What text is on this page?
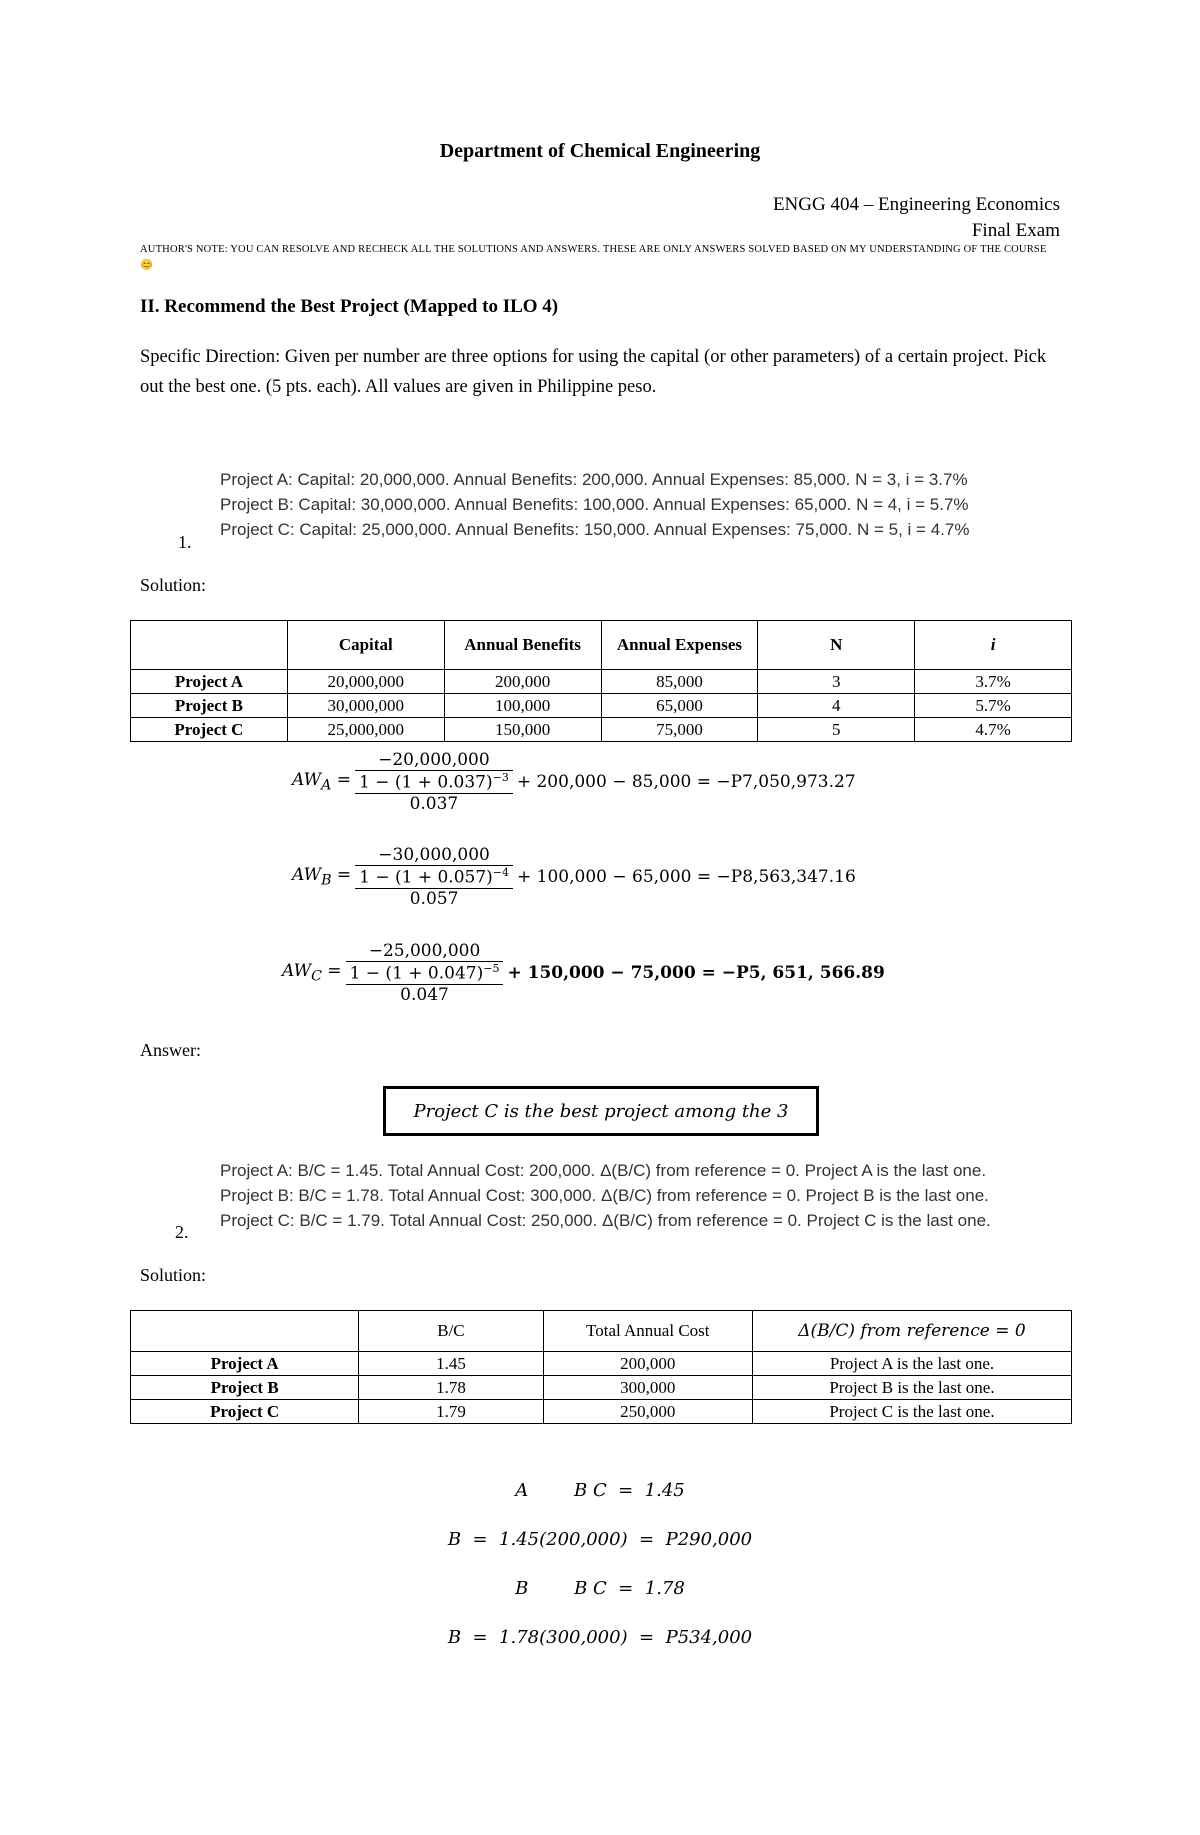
Department of Chemical Engineering
ENGG 404 – Engineering Economics
Final Exam
AUTHOR'S NOTE: YOU CAN RESOLVE AND RECHECK ALL THE SOLUTIONS AND ANSWERS. THESE ARE ONLY ANSWERS SOLVED BASED ON MY UNDERSTANDING OF THE COURSE 😊
II. Recommend the Best Project (Mapped to ILO 4)
Specific Direction: Given per number are three options for using the capital (or other parameters) of a certain project. Pick out the best one. (5 pts. each). All values are given in Philippine peso.
Project A: Capital: 20,000,000. Annual Benefits: 200,000. Annual Expenses: 85,000. N = 3, i = 3.7%
Project B: Capital: 30,000,000. Annual Benefits: 100,000. Annual Expenses: 65,000. N = 4, i = 5.7%
Project C: Capital: 25,000,000. Annual Benefits: 150,000. Annual Expenses: 75,000. N = 5, i = 4.7%
1.
Solution:
	Capital	Annual Benefits	Annual Expenses	N	i
Project A	20,000,000	200,000	85,000	3	3.7%
Project B	30,000,000	100,000	65,000	4	5.7%
Project C	25,000,000	150,000	75,000	5	4.7%
$AW_A = -20,000,000$
$1 - (1 + 0.037)^{-3}$
0.037 + 200,000 − 85,000 = −P7,050,973.27
$AW_B = -30,000,000$
$1 - (1 + 0.057)^{-4}$
0.057 + 100,000 − 65,000 = −P8,563,347.16
$AW_C = -25,000,000$
$1 - (1 + 0.047)^{-5}$
0.047 + 150,000 − 75,000 = −P5, 651, 566.89
Answer:
Project C is the best project among the 3
Project A: B/C = 1.45. Total Annual Cost: 200,000. Δ(B/C) from reference = 0. Project A is the last one.
Project B: B/C = 1.78. Total Annual Cost: 300,000. Δ(B/C) from reference = 0. Project B is the last one.
Project C: B/C = 1.79. Total Annual Cost: 250,000. Δ(B/C) from reference = 0. Project C is the last one.
2.
Solution:
	B/C	Total Annual Cost	Δ(B/C) from reference = 0
Project A	1.45	200,000	Project A is the last one.
Project B	1.78	300,000	Project B is the last one.
Project C	1.79	250,000	Project C is the last one.
A        B C  =  1.45
B  =  1.45(200,000)  =  P290,000
B        B C  =  1.78
B  =  1.78(300,000)  =  P534,000
